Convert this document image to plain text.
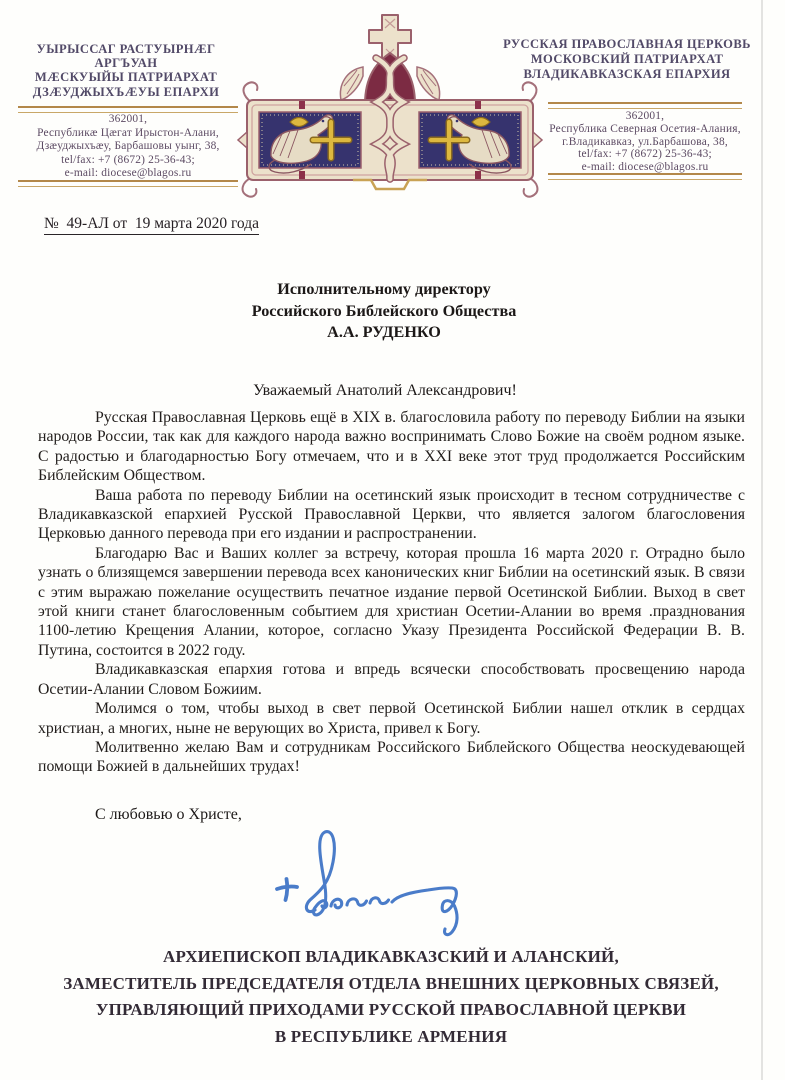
УЫРЫССАГ РАСТУЫРНÆГ АРГЪУАН
МÆСКУЫЙЫ ПАТРИАРХАТ
ДЗÆУДЖЫХЪÆУЫ ЕПАРХИ
РУССКАЯ ПРАВОСЛАВНАЯ ЦЕРКОВЬ
МОСКОВСКИЙ ПАТРИАРХАТ
ВЛАДИКАВКАЗСКАЯ ЕПАРХИЯ
362001,
Республикæ Цæгат Ирыстон-Алани,
Дзæуджыхъæу, Барбашовы уынг, 38,
tel/fax: +7 (8672) 25-36-43;
e-mail: diocese@blagos.ru
362001,
Республика Северная Осетия-Алания,
г.Владикавказ, ул.Барбашова, 38,
tel/fax: +7 (8672) 25-36-43;
e-mail: diocese@blagos.ru
№  49-АЛ от  19 марта 2020 года
Исполнительному директору
Российского Библейского Общества
А.А. РУДЕНКО
Уважаемый Анатолий Александрович!

Русская Православная Церковь ещё в XIX в. благословила работу по переводу Библии на языки народов России, так как для каждого народа важно воспринимать Слово Божие на своём родном языке. С радостью и благодарностью Богу отмечаем, что и в XXI веке этот труд продолжается Российским Библейским Обществом.

Ваша работа по переводу Библии на осетинский язык происходит в тесном сотрудничестве с Владикавказской епархией Русской Православной Церкви, что является залогом благословения Церковью данного перевода при его издании и распространении.

Благодарю Вас и Ваших коллег за встречу, которая прошла 16 марта 2020 г. Отрадно было узнать о близящемся завершении перевода всех канонических книг Библии на осетинский язык. В связи с этим выражаю пожелание осуществить печатное издание первой Осетинской Библии. Выход в свет этой книги станет благословенным событием для христиан Осетии-Алании во время .празднования 1100-летию Крещения Алании, которое, согласно Указу Президента Российской Федерации В. В. Путина, состоится в 2022 году.

Владикавказская епархия готова и впредь всячески способствовать просвещению народа Осетии-Алании Словом Божиим.

Молимся о том, чтобы выход в свет первой Осетинской Библии нашел отклик в сердцах христиан, а многих, ныне не верующих во Христа, привел к Богу.

Молитвенно желаю Вам и сотрудникам Российского Библейского Общества неоскудевающей помощи Божией в дальнейших трудах!

С любовью о Христе,
АРХИЕПИСКОП ВЛАДИКАВКАЗСКИЙ И АЛАНСКИЙ,
ЗАМЕСТИТЕЛЬ ПРЕДСЕДАТЕЛЯ ОТДЕЛА ВНЕШНИХ ЦЕРКОВНЫХ СВЯЗЕЙ,
УПРАВЛЯЮЩИЙ ПРИХОДАМИ РУССКОЙ ПРАВОСЛАВНОЙ ЦЕРКВИ
В РЕСПУБЛИКЕ АРМЕНИЯ
